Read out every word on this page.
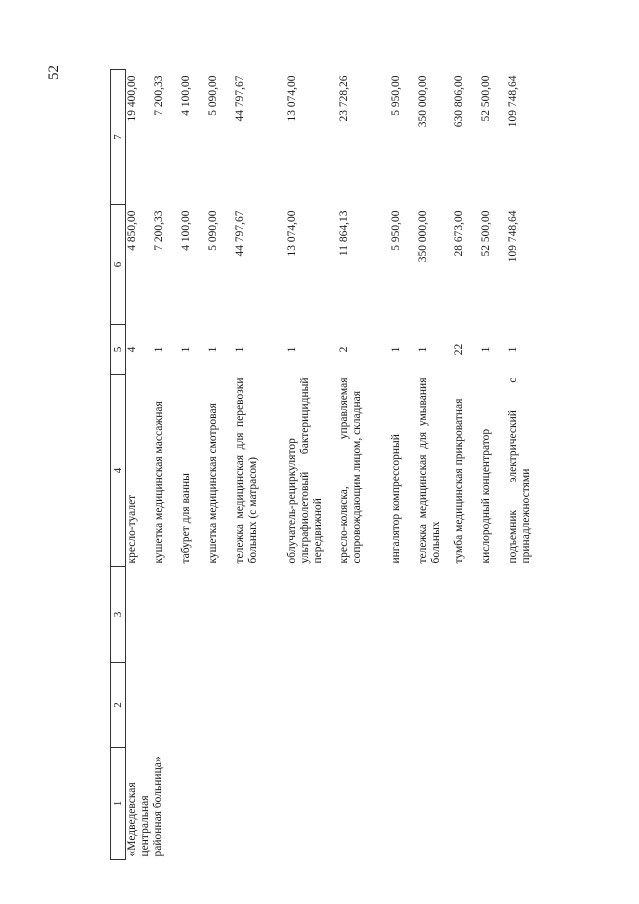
52
1	2	3	4	5	6	7
«Медведевская центральная районная больница»			кресло-туалет	4	4 850,00	19 400,00
			кушетка медицинская массажная	1	7 200,33	7 200,33
			табурет для ванны	1	4 100,00	4 100,00
			кушетка медицинская смотровая	1	5 090,00	5 090,00
			тележка медицинская для перевозки больных (с матрасом)	1	44 797,67	44 797,67
			облучатель-рециркулятор ультрафиолетовый бактерицидный передвижной	1	13 074,00	13 074,00
			кресло-коляска, управляемая сопровождающим лицом, складная	2	11 864,13	23 728,26
			ингалятор компрессорный	1	5 950,00	5 950,00
			тележка медицинская для умывания больных	1	350 000,00	350 000,00
			тумба медицинская прикроватная	22	28 673,00	630 806,00
			кислородный концентратор	1	52 500,00	52 500,00
			подъемник электрический с принадлежностями	1	109 748,64	109 748,64
